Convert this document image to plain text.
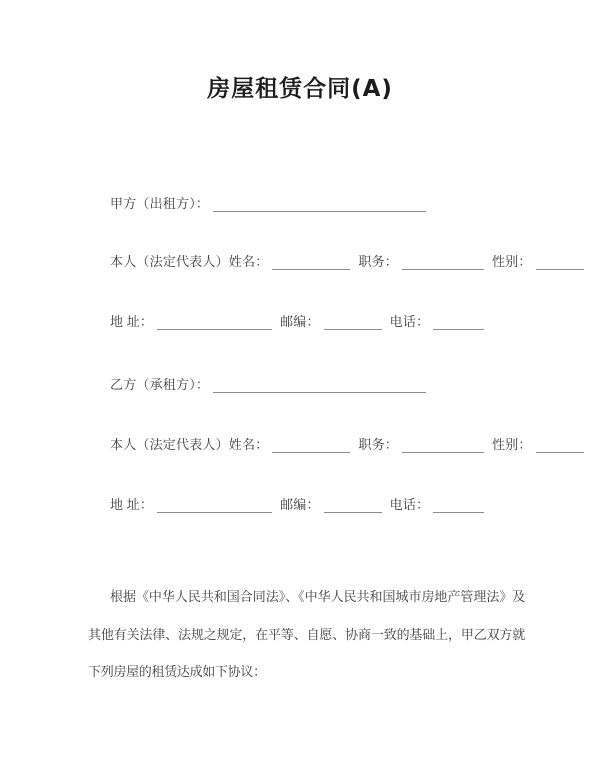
房屋租赁合同(A)
甲方（出租方）：
本人（法定代表人）姓名：	职务：	性别：
地 址：	邮编：	电话：
乙方（承租方）：
本人（法定代表人）姓名：	职务：	性别：
地 址：	邮编：	电话：

根据《中华人民共和国合同法》、《中华人民共和国城市房地产管理法》及其他有关法律、法规之规定，在平等、自愿、协商一致的基础上，甲乙双方就下列房屋的租赁达成如下协议：
